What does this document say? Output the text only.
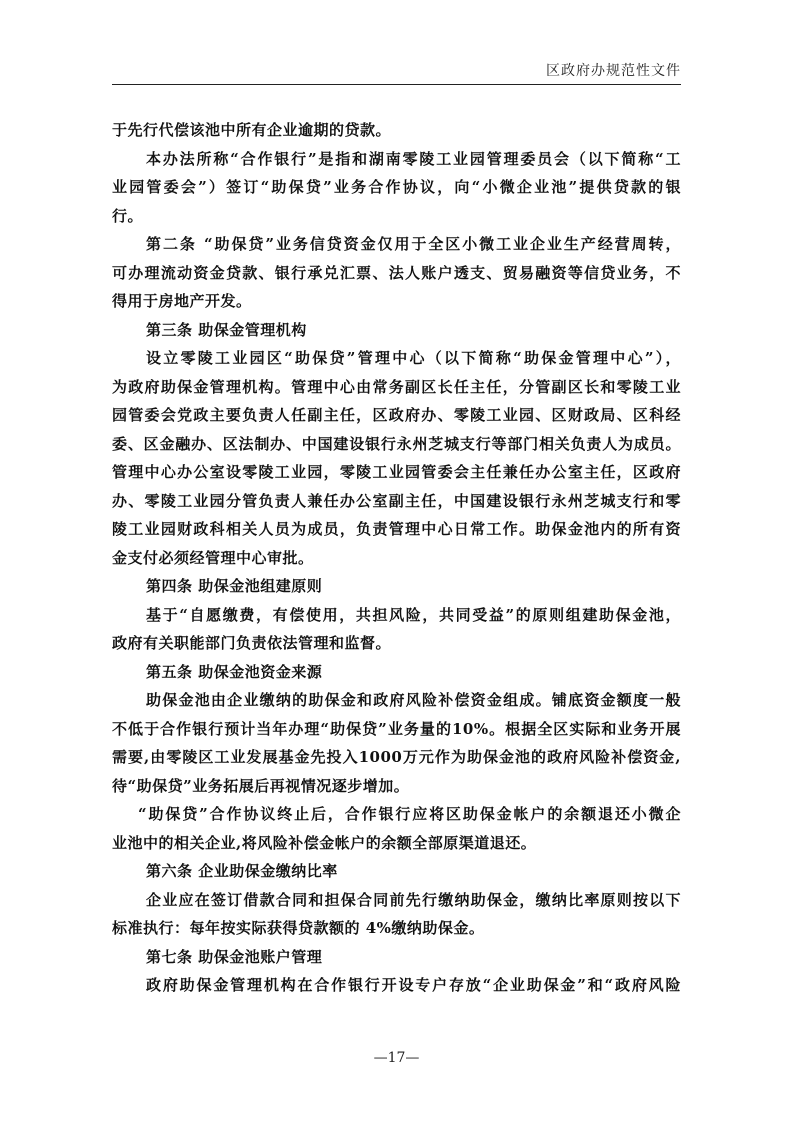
区政府办规范性文件
于先行代偿该池中所有企业逾期的贷款。
本办法所称“合作银行”是指和湖南零陵工业园管理委员会（以下简称“工
业园管委会”）签订“助保贷”业务合作协议，向“小微企业池”提供贷款的银
行。
第二条 “助保贷”业务信贷资金仅用于全区小微工业企业生产经营周转，
可办理流动资金贷款、银行承兑汇票、法人账户透支、贸易融资等信贷业务，不
得用于房地产开发。
第三条 助保金管理机构
设立零陵工业园区“助保贷”管理中心（以下简称“助保金管理中心”），
为政府助保金管理机构。管理中心由常务副区长任主任，分管副区长和零陵工业
园管委会党政主要负责人任副主任，区政府办、零陵工业园、区财政局、区科经
委、区金融办、区法制办、中国建设银行永州芝城支行等部门相关负责人为成员。
管理中心办公室设零陵工业园，零陵工业园管委会主任兼任办公室主任，区政府
办、零陵工业园分管负责人兼任办公室副主任，中国建设银行永州芝城支行和零
陵工业园财政科相关人员为成员，负责管理中心日常工作。助保金池内的所有资
金支付必须经管理中心审批。
第四条 助保金池组建原则
基于“自愿缴费，有偿使用，共担风险，共同受益”的原则组建助保金池，
政府有关职能部门负责依法管理和监督。
第五条 助保金池资金来源
助保金池由企业缴纳的助保金和政府风险补偿资金组成。铺底资金额度一般
不低于合作银行预计当年办理“助保贷”业务量的10%。根据全区实际和业务开展
需要,由零陵区工业发展基金先投入1000万元作为助保金池的政府风险补偿资金,
待“助保贷”业务拓展后再视情况逐步增加。
“助保贷”合作协议终止后，合作银行应将区助保金帐户的余额退还小微企
业池中的相关企业,将风险补偿金帐户的余额全部原渠道退还。
第六条 企业助保金缴纳比率
企业应在签订借款合同和担保合同前先行缴纳助保金，缴纳比率原则按以下
标准执行：每年按实际获得贷款额的 4%缴纳助保金。
第七条 助保金池账户管理
政府助保金管理机构在合作银行开设专户存放“企业助保金”和“政府风险
—17—
